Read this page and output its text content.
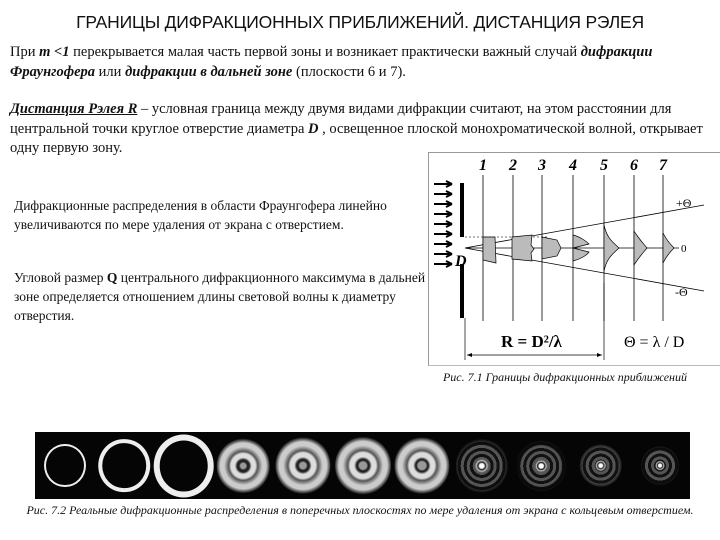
ГРАНИЦЫ ДИФРАКЦИОННЫХ ПРИБЛИЖЕНИЙ. ДИСТАНЦИЯ РЭЛЕЯ
При m <1 перекрывается малая часть первой зоны и возникает практически важный случай дифракции Фраунгофера или дифракции в дальней зоне (плоскости 6 и 7).
Дистанция Рэлея R – условная граница между двумя видами дифракции считают, на этом расстоянии для центральной точки круглое отверстие диаметра D , освещенное плоской монохроматической волной, открывает одну первую зону.
Дифракционные распределения в области Фраунгофера линейно увеличиваются по мере удаления от экрана с отверстием.
Угловой размер Q центрального дифракционного максимума в дальней зоне определяется отношением длины световой волны к диаметру отверстия.
1 2 3 4 5 6 7
D
+Θ
0
-Θ
R = D²/λ	Θ = λ / D
Рис. 7.1 Границы дифракционных приближений
Рис. 7.2 Реальные дифракционные распределения в поперечных плоскостях по мере удаления от экрана с кольцевым отверстием.
